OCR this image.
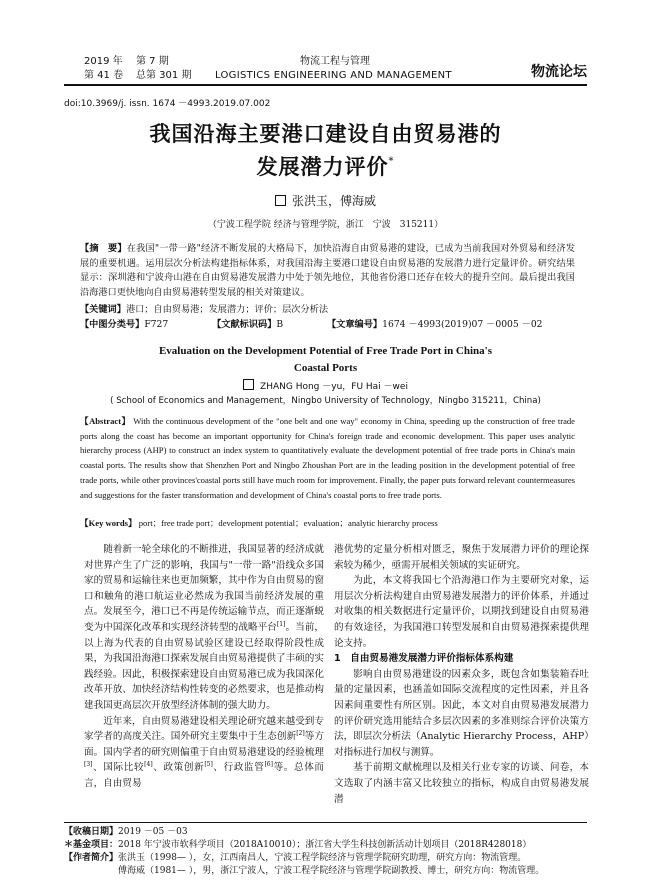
2019 年 第 7 期
第 41 卷 总第 301 期
物流工程与管理
LOGISTICS ENGINEERING AND MANAGEMENT	物流论坛
doi:10.3969/j. issn. 1674 －4993.2019.07.002
我国沿海主要港口建设自由贸易港的
发展潜力评价*
张洪玉，傅海威
（宁波工程学院 经济与管理学院，浙江　宁波　315211）
【摘　要】在我国"一带一路"经济不断发展的大格局下，加快沿海自由贸易港的建设，已成为当前我国对外贸易和经济发展的重要机遇。运用层次分析法构建指标体系，对我国沿海主要港口建设自由贸易港的发展潜力进行定量评价。研究结果显示：深圳港和宁波舟山港在自由贸易港发展潜力中处于领先地位，其他省份港口还存在较大的提升空间。最后提出我国沿海港口更快地向自由贸易港转型发展的相关对策建议。
【关键词】港口；自由贸易港；发展潜力；评价；层次分析法
【中图分类号】F727	【文献标识码】B	【文章编号】1674 －4993(2019)07 －0005 －02
Evaluation on the Development Potential of Free Trade Port in China's
Coastal Ports
ZHANG Hong －yu，FU Hai －wei
( School of Economics and Management，Ningbo University of Technology，Ningbo 315211，China)
【Abstract】 With the continuous development of the "one belt and one way" economy in China, speeding up the construction of free trade ports along the coast has become an important opportunity for China's foreign trade and economic development. This paper uses analytic hierarchy process (AHP) to construct an index system to quantitatively evaluate the development potential of free trade ports in China's main coastal ports. The results show that Shenzhen Port and Ningbo Zhoushan Port are in the leading position in the development potential of free trade ports, while other provinces'coastal ports still have much room for improvement. Finally, the paper puts forward relevant countermeasures and suggestions for the faster transformation and development of China's coastal ports to free trade ports.
【Key words】 port；free trade port；development potential；evaluation；analytic hierarchy process

随着新一轮全球化的不断推进，我国显著的经济成就对世界产生了广泛的影响，我国与"一带一路"沿线众多国家的贸易和运输往来也更加频繁，其中作为自由贸易的窗口和触角的港口航运业必然成为我国当前经济发展的重点。发展至今，港口已不再是传统运输节点，而正逐渐蜕变为中国深化改革和实现经济转型的战略平台[1]。当前，以上海为代表的自由贸易试验区建设已经取得阶段性成果，为我国沿海港口探索发展自由贸易港提供了丰硕的实践经验。因此，积极探索建设自由贸易港已成为我国深化改革开放、加快经济结构性转变的必然要求，也是推动构建我国更高层次开放型经济体制的强大助力。

近年来，自由贸易港建设相关理论研究越来越受到专家学者的高度关注。国外研究主要集中于生态创新[2]等方面。国内学者的研究则偏重于自由贸易港建设的经验梳理[3]、国际比较[4]、政策创新[5]、行政监管[6]等。总体而言，自由贸易

港优势的定量分析相对匮乏，聚焦于发展潜力评价的理论探索较为稀少，亟需开展相关领域的实证研究。

为此，本文将我国七个沿海港口作为主要研究对象，运用层次分析法构建自由贸易港发展潜力的评价体系，并通过对收集的相关数据进行定量评价，以期找到建设自由贸易港的有效途径，为我国港口转型发展和自由贸易港探索提供理论支持。

1　自由贸易港发展潜力评价指标体系构建

影响自由贸易港建设的因素众多，既包含如集装箱吞吐量的定量因素，也涵盖如国际交流程度的定性因素，并且各因素间重要性有所区别。因此，本文对自由贸易港发展潜力的评价研究选用能结合多层次因素的多准则综合评价决策方法，即层次分析法（Analytic Hierarchy Process，AHP）对指标进行加权与测算。

基于前期文献梳理以及相关行业专家的访谈、问卷，本文选取了内涵丰富又比较独立的指标，构成自由贸易港发展潜

【收稿日期】2019 －05 －03
＊基金项目：2018 年宁波市软科学项目（2018A10010）；浙江省大学生科技创新活动计划项目（2018R428018）
【作者简介】张洪玉（1998— ），女，江西南昌人，宁波工程学院经济与管理学院研究助理，研究方向：物流管理。
傅海威（1981— ），男，浙江宁波人，宁波工程学院经济与管理学院副教授、博士，研究方向：物流管理。
